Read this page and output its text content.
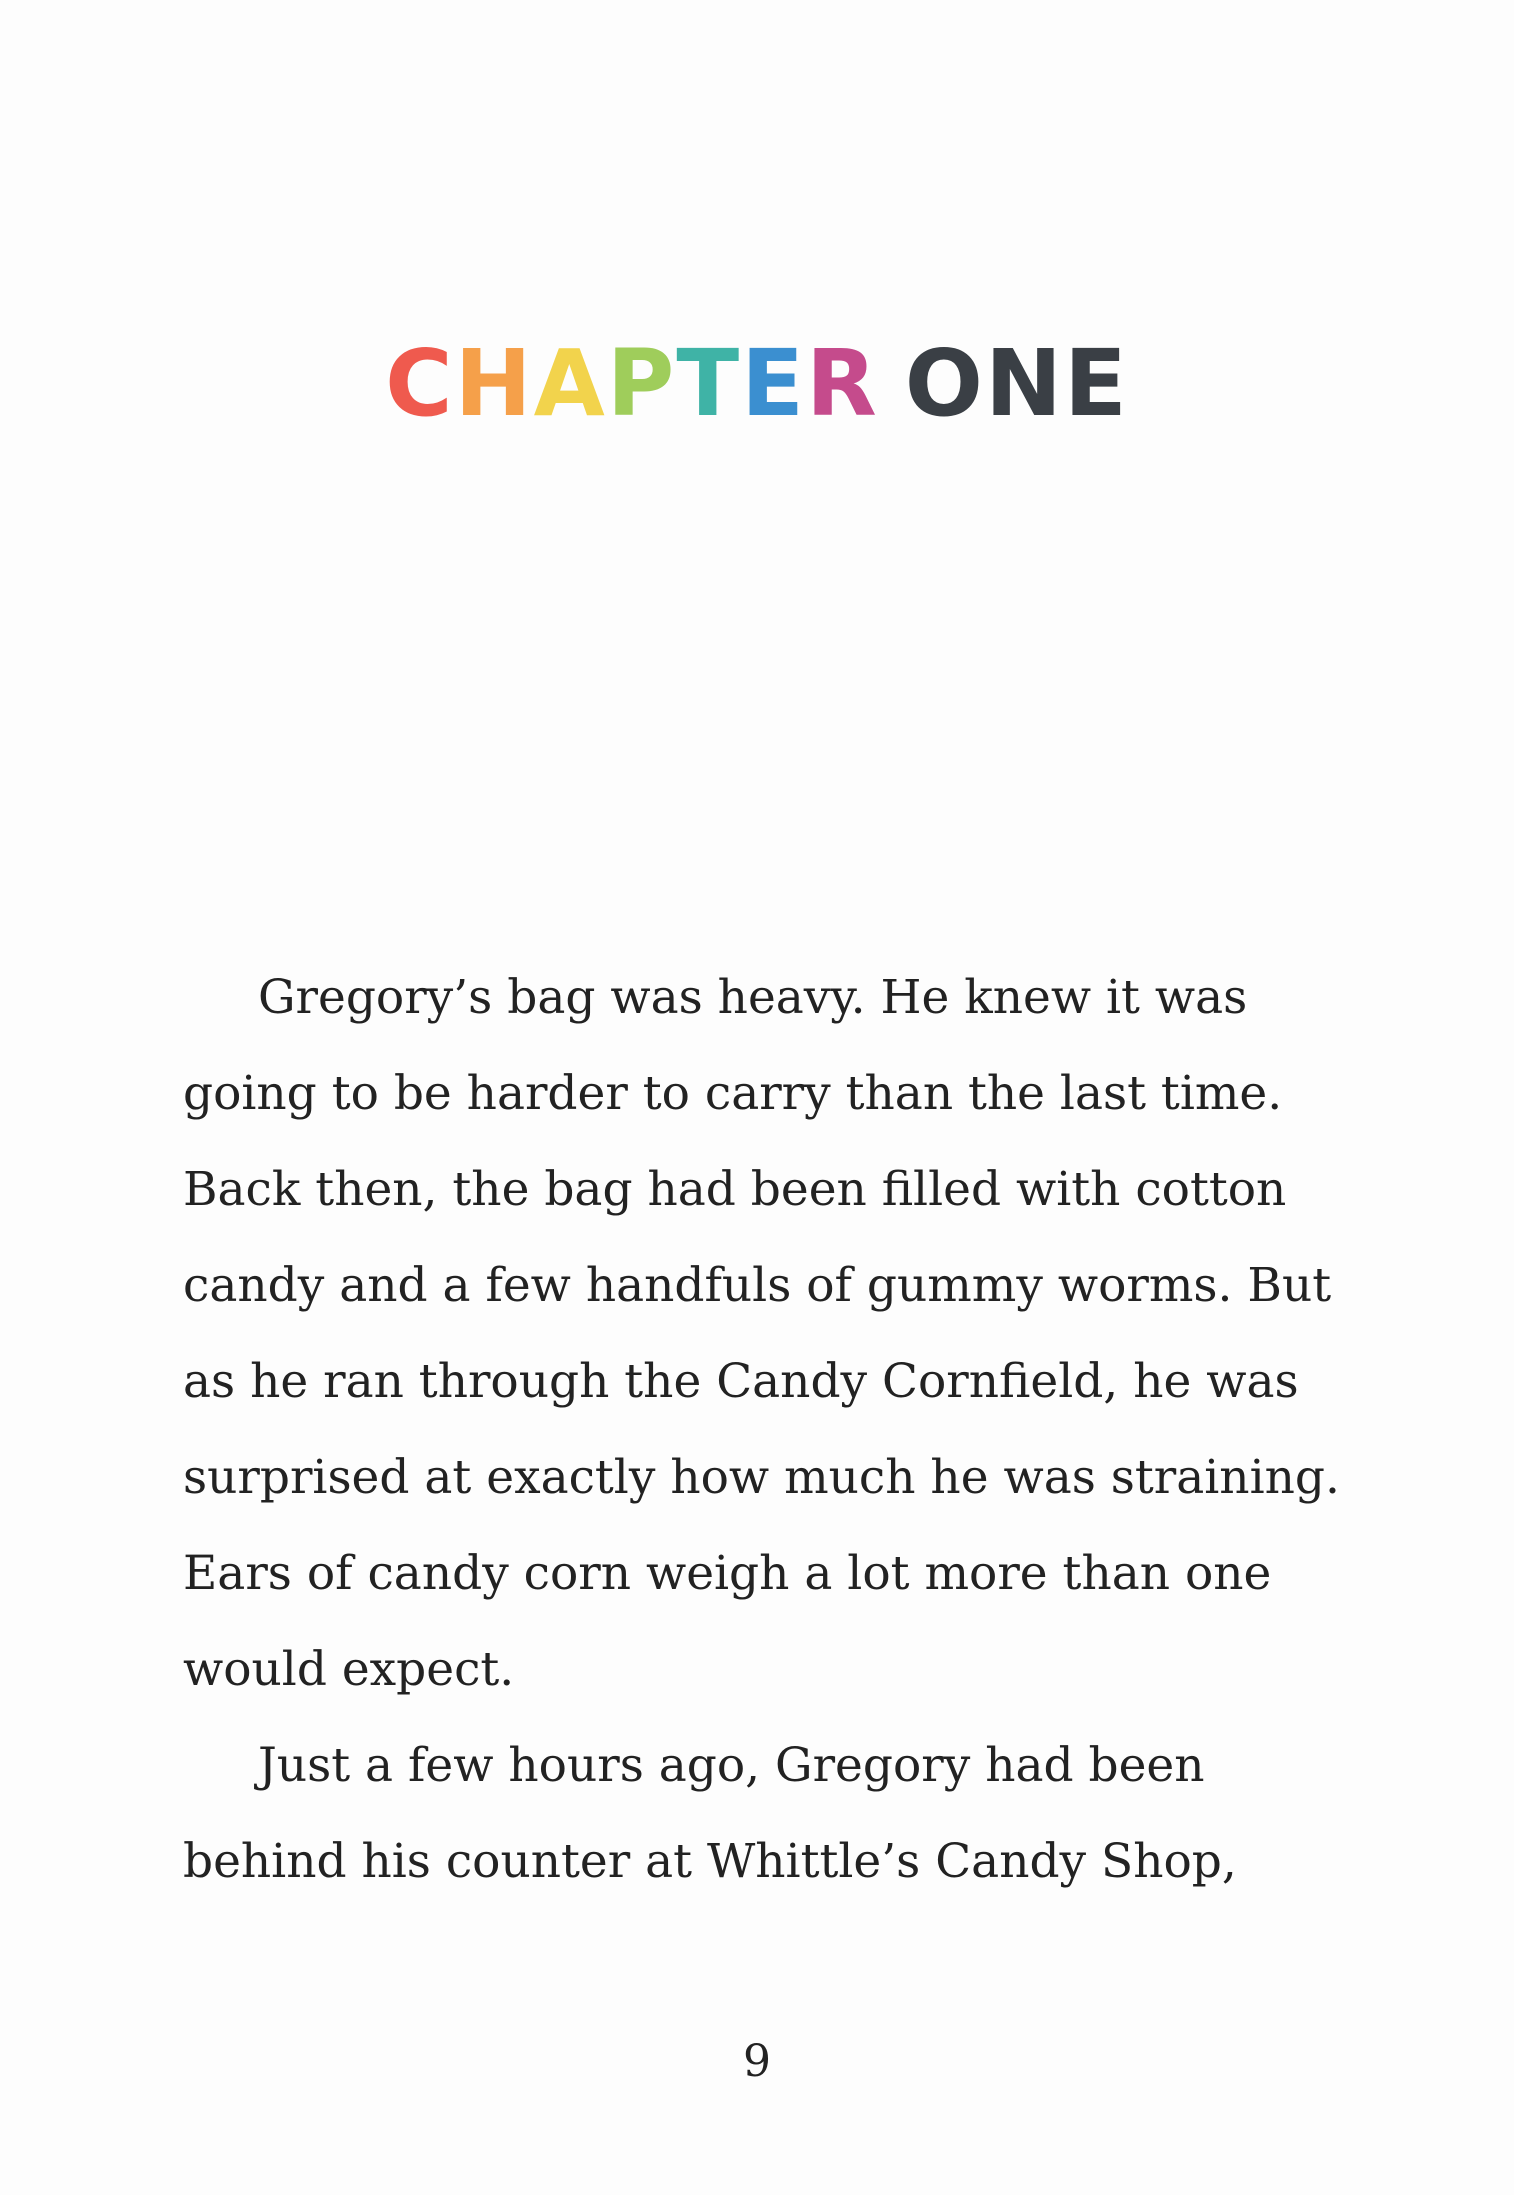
CHAPTER ONE

Gregory’s bag was heavy. He knew it was
going to be harder to carry than the last time.
Back then, the bag had been filled with cotton
candy and a few handfuls of gummy worms. But
as he ran through the Candy Cornfield, he was
surprised at exactly how much he was straining.
Ears of candy corn weigh a lot more than one
would expect.

Just a few hours ago, Gregory had been
behind his counter at Whittle’s Candy Shop,

9
